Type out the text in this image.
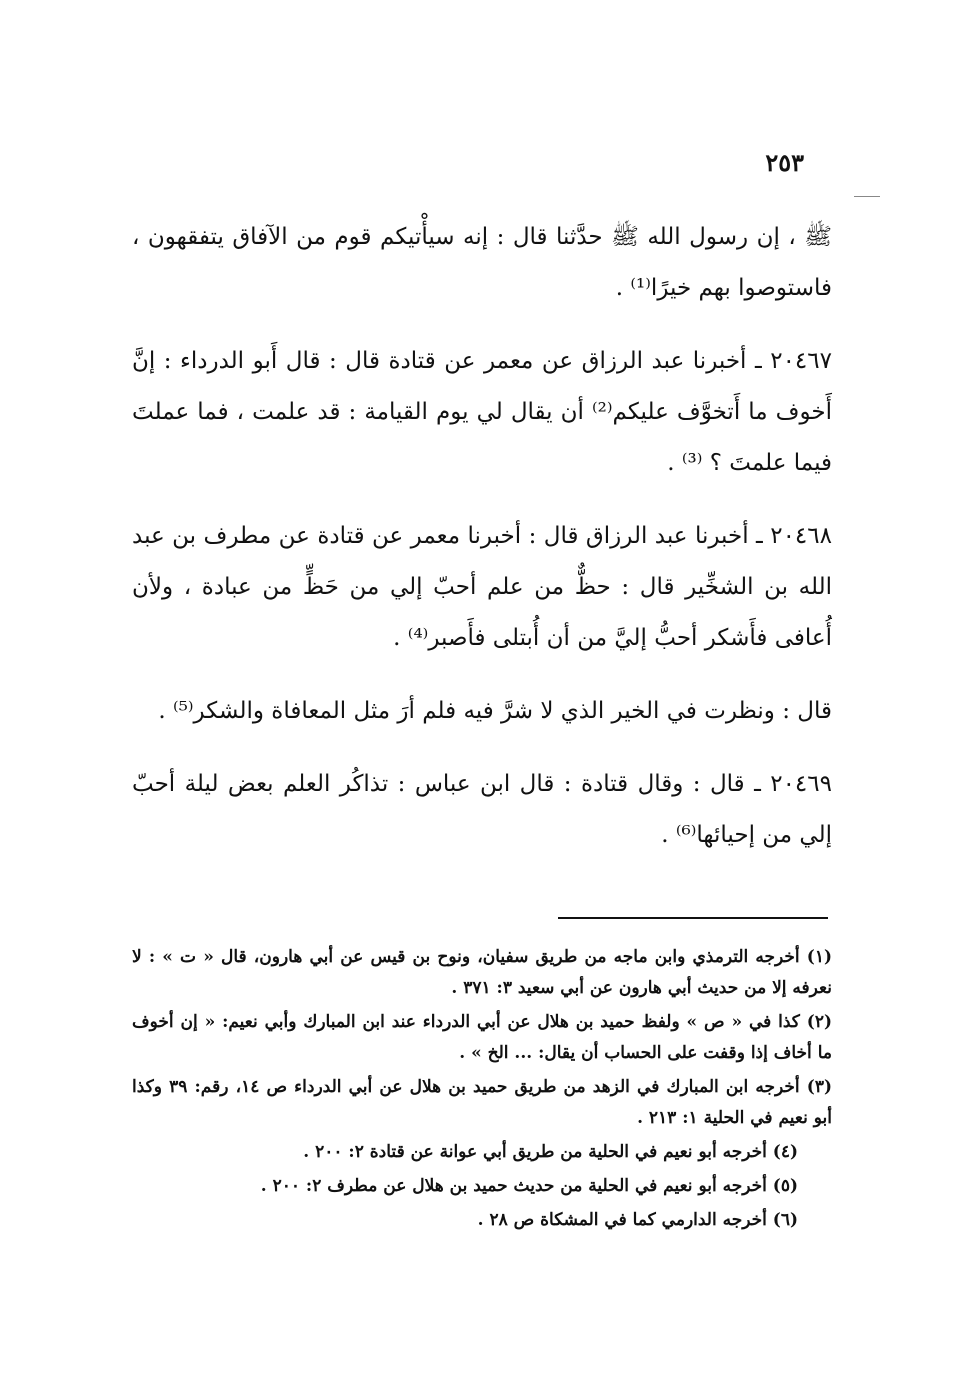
٢٥٣

ﷺ ، إن رسول الله ﷺ حدَّثنا قال : إنه سيأْتيكم قوم من الآفاق يتفقهون ، فاستوصوا بهم خيرًا⁽¹⁾ .

٢٠٤٦٧ ـ أخبرنا عبد الرزاق عن معمر عن قتادة قال : قال أَبو الدرداء : إنَّ أَخوف ما أَتخوَّف عليكم⁽²⁾ أن يقال لي يوم القيامة : قد علمت ، فما عملتَ فيما علمتَ ؟ ⁽³⁾ .

٢٠٤٦٨ ـ أخبرنا عبد الرزاق قال : أخبرنا معمر عن قتادة عن مطرف بن عبد الله بن الشخِّير قال : حظٌّ من علم أحبّ إلي من حَظٍّ من عبادة ، ولأن أُعافى فأَشكر أحبُّ إليَّ من أن أُبتلى فأَصبر⁽⁴⁾ .

قال : ونظرت في الخير الذي لا شرَّ فيه فلم أرَ مثل المعافاة والشكر⁽⁵⁾ .

٢٠٤٦٩ ـ قال : وقال قتادة : قال ابن عباس : تذاكُر العلم بعض ليلة أحبّ إلي من إحيائها⁽⁶⁾ .

(١) أخرجه الترمذي وابن ماجه من طريق سفيان، ونوح بن قيس عن أبي هارون، قال « ت » : لا نعرفه إلا من حديث أبي هارون عن أبي سعيد ٣: ٣٧١ .

(٢) كذا في « ص » ولفظ حميد بن هلال عن أبي الدرداء عند ابن المبارك وأبي نعيم: « إن أخوف ما أخاف إذا وقفت على الحساب أن يقال: ... الخ » .

(٣) أخرجه ابن المبارك في الزهد من طريق حميد بن هلال عن أبي الدرداء ص ١٤، رقم: ٣٩ وكذا أبو نعيم في الحلية ١: ٢١٣ .

(٤) أخرجه أبو نعيم في الحلية من طريق أبي عوانة عن قتادة ٢: ٢٠٠ .

(٥) أخرجه أبو نعيم في الحلية من حديث حميد بن هلال عن مطرف ٢: ٢٠٠ .

(٦) أخرجه الدارمي كما في المشكاة ص ٢٨ .
